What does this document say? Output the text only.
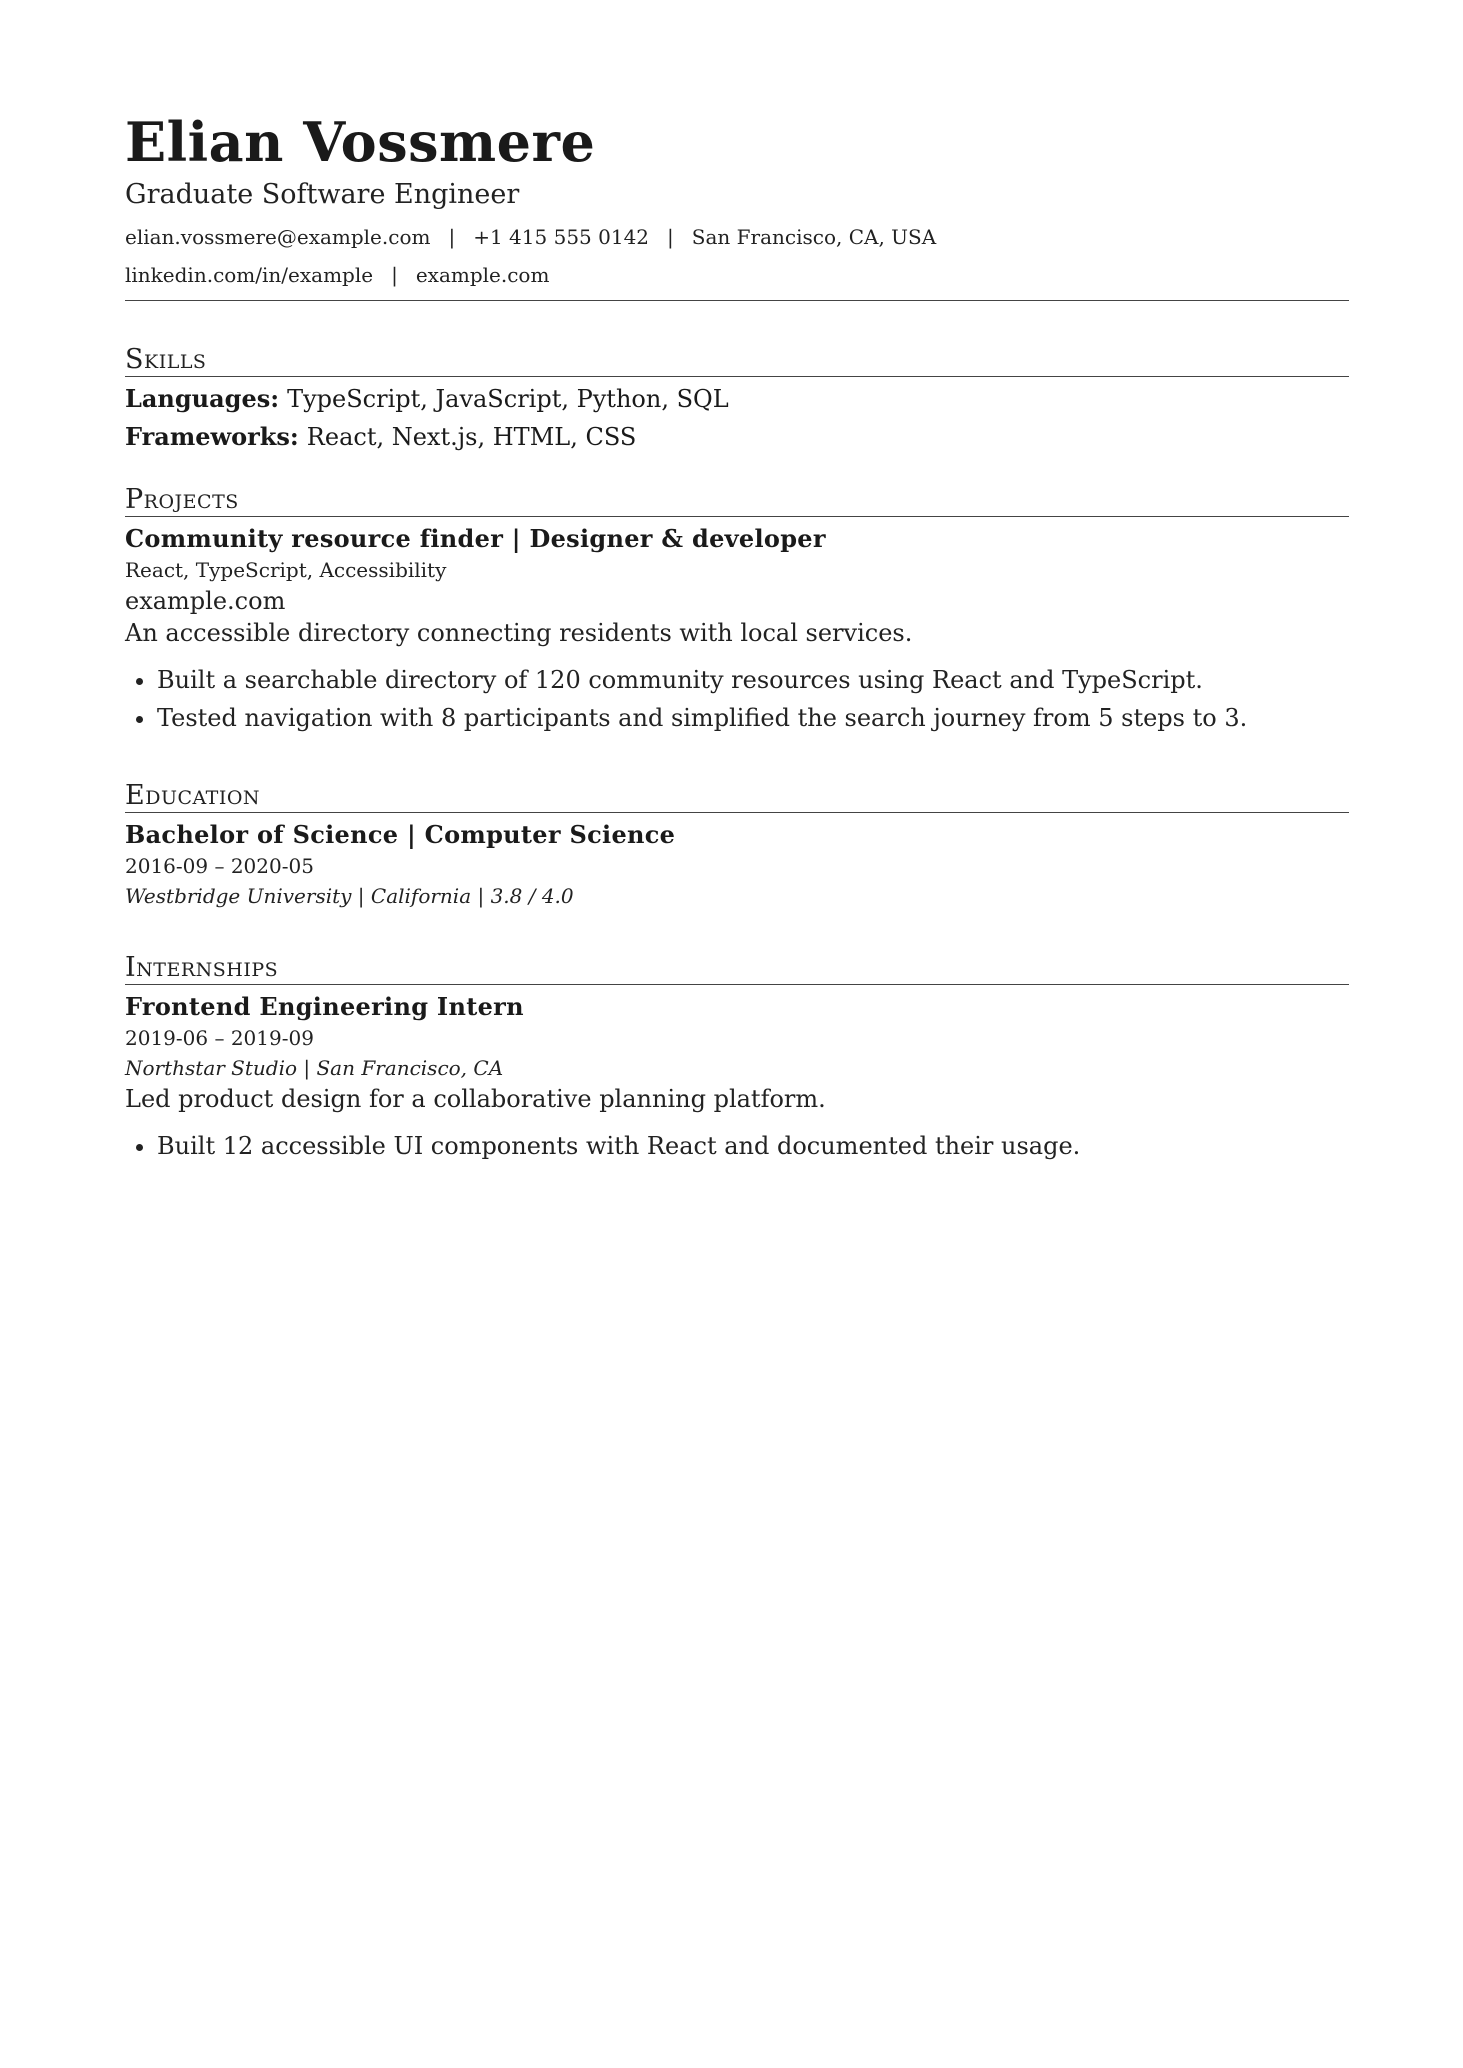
Elian Vossmere
Graduate Software Engineer
elian.vossmere@example.com | +1 415 555 0142 | San Francisco, CA, USA
linkedin.com/in/example | example.com
Skills
Languages: TypeScript, JavaScript, Python, SQL
Frameworks: React, Next.js, HTML, CSS
Projects
Community resource finder | Designer & developer
React, TypeScript, Accessibility
example.com
An accessible directory connecting residents with local services.
• Built a searchable directory of 120 community resources using React and TypeScript.
• Tested navigation with 8 participants and simplified the search journey from 5 steps to 3.
Education
Bachelor of Science | Computer Science
2016-09 – 2020-05
Westbridge University | California | 3.8 / 4.0
Internships
Frontend Engineering Intern
2019-06 – 2019-09
Northstar Studio | San Francisco, CA
Led product design for a collaborative planning platform.
• Built 12 accessible UI components with React and documented their usage.
